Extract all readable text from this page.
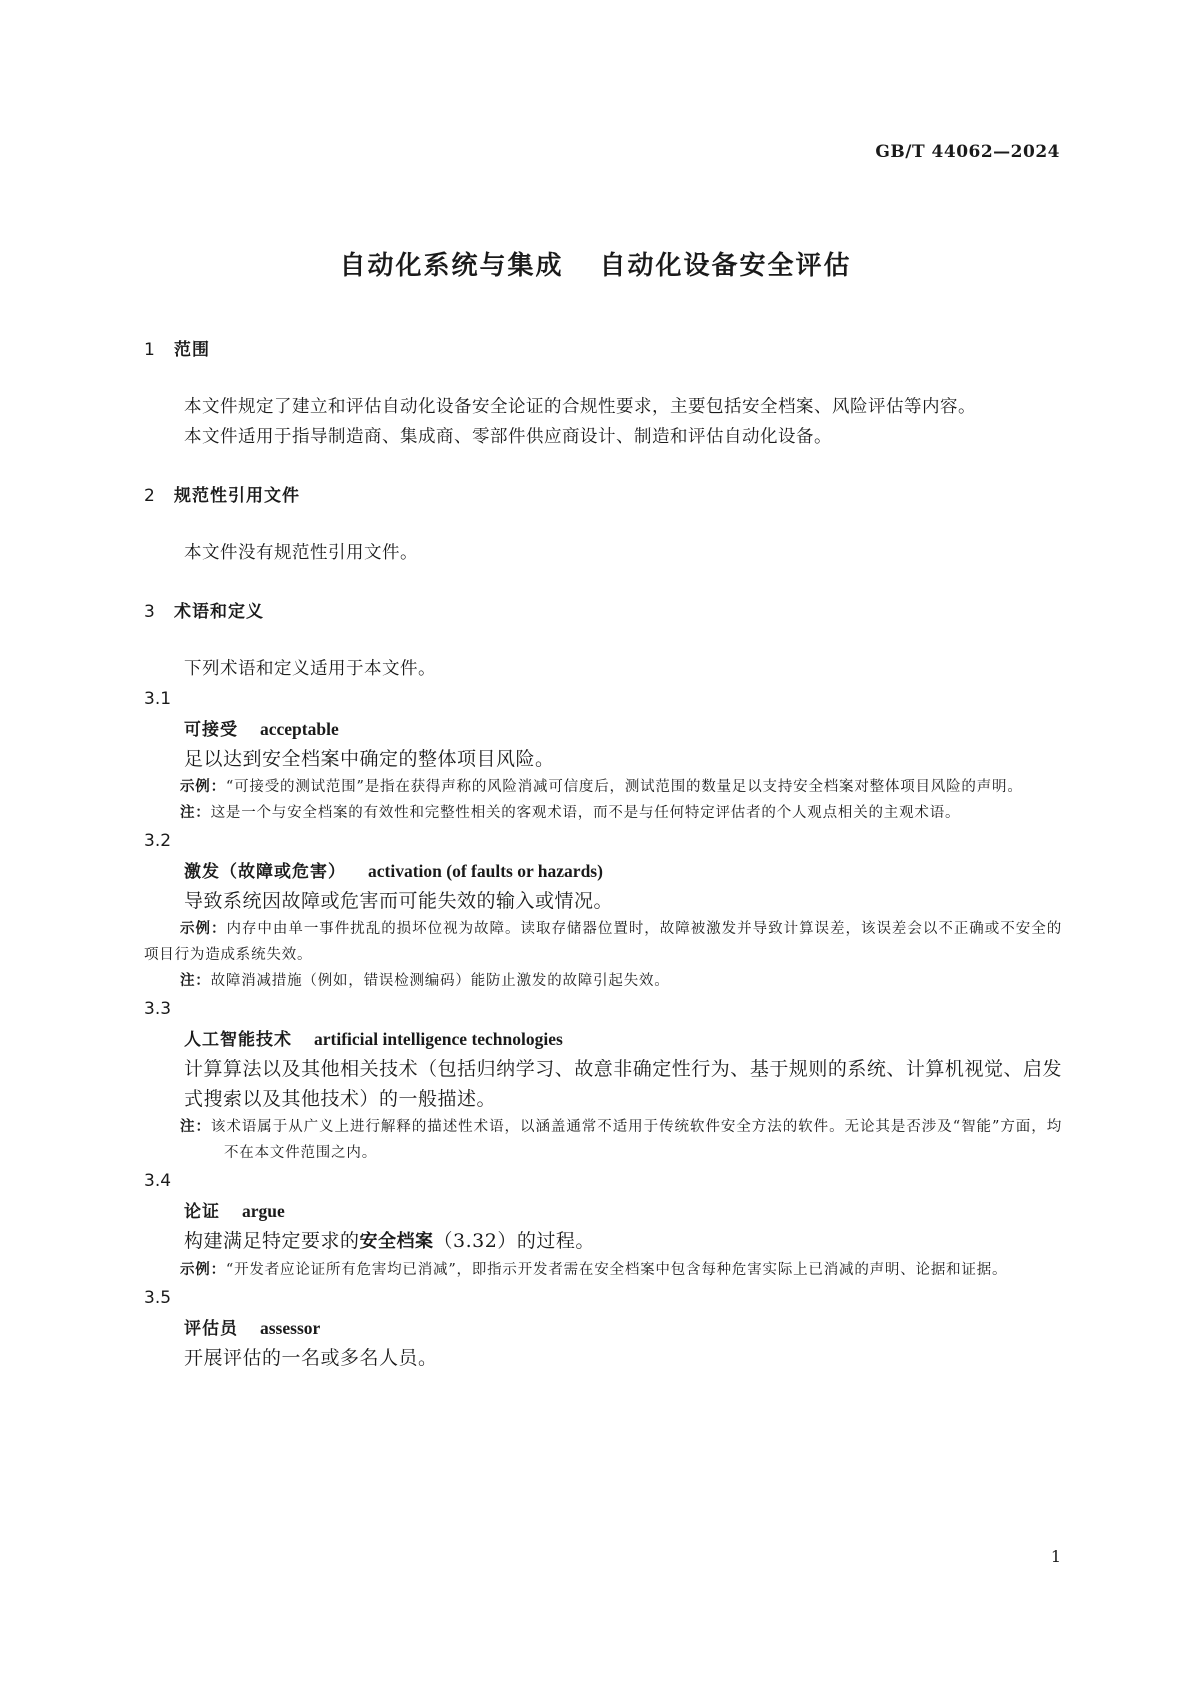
GB/T 44062—2024
自动化系统与集成 自动化设备安全评估
1 范围
本文件规定了建立和评估自动化设备安全论证的合规性要求，主要包括安全档案、风险评估等内容。
本文件适用于指导制造商、集成商、零部件供应商设计、制造和评估自动化设备。
2 规范性引用文件
本文件没有规范性引用文件。
3 术语和定义
下列术语和定义适用于本文件。
3.1
可接受 acceptable
足以达到安全档案中确定的整体项目风险。
示例：“可接受的测试范围”是指在获得声称的风险消减可信度后，测试范围的数量足以支持安全档案对整体项目风险的声明。
注：这是一个与安全档案的有效性和完整性相关的客观术语，而不是与任何特定评估者的个人观点相关的主观术语。
3.2
激发（故障或危害） activation (of faults or hazards)
导致系统因故障或危害而可能失效的输入或情况。
示例：内存中由单一事件扰乱的损坏位视为故障。读取存储器位置时，故障被激发并导致计算误差，该误差会以不正确或不安全的项目行为造成系统失效。
注：故障消减措施（例如，错误检测编码）能防止激发的故障引起失效。
3.3
人工智能技术 artificial intelligence technologies
计算算法以及其他相关技术（包括归纳学习、故意非确定性行为、基于规则的系统、计算机视觉、启发式搜索以及其他技术）的一般描述。
注：该术语属于从广义上进行解释的描述性术语，以涵盖通常不适用于传统软件安全方法的软件。无论其是否涉及“智能”方面，均不在本文件范围之内。
3.4
论证 argue
构建满足特定要求的安全档案（3.32）的过程。
示例：“开发者应论证所有危害均已消减”，即指示开发者需在安全档案中包含每种危害实际上已消减的声明、论据和证据。
3.5
评估员 assessor
开展评估的一名或多名人员。
1
